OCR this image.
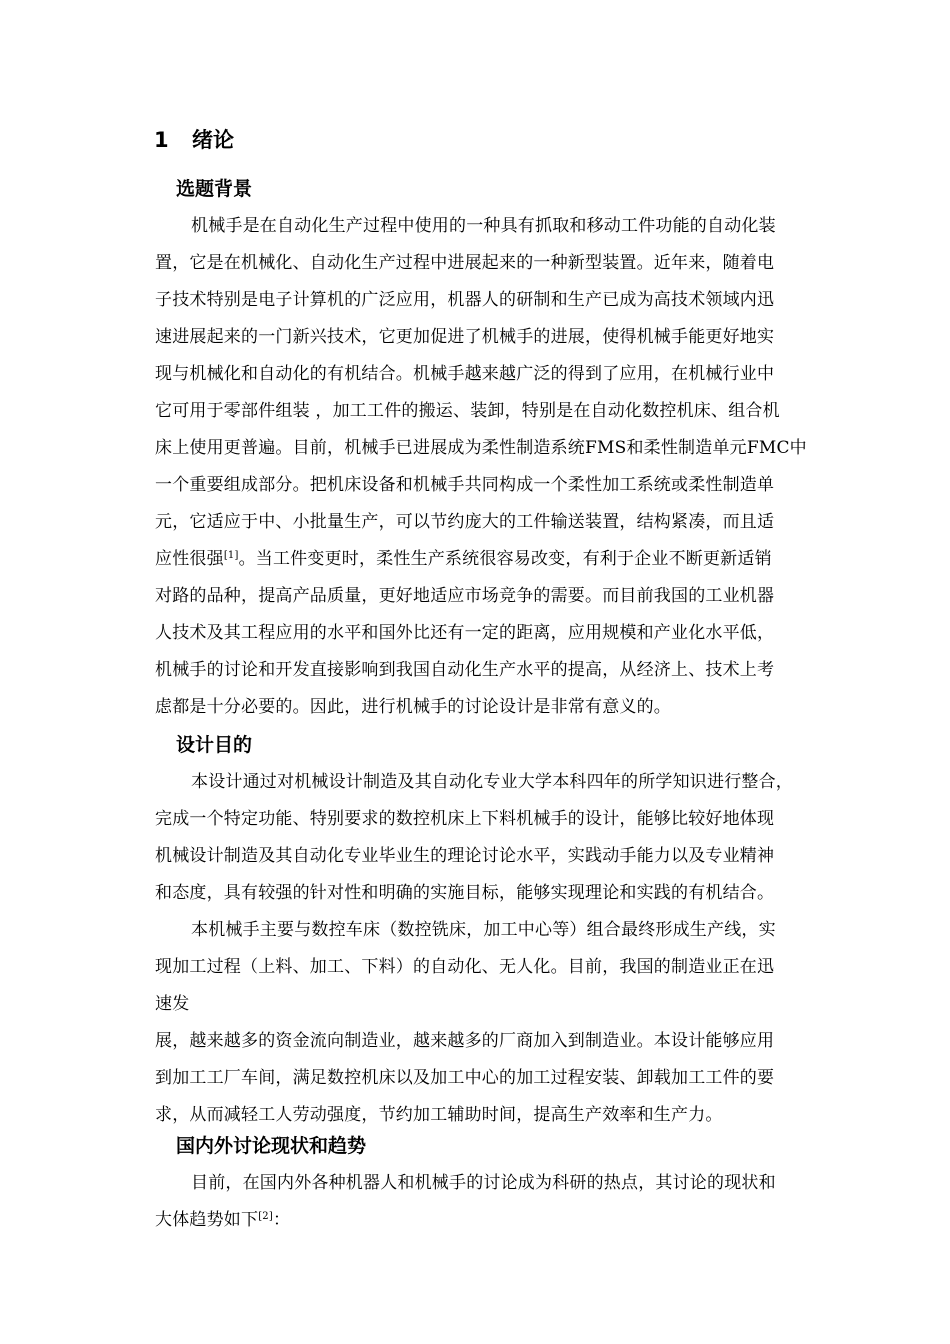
1 绪论
选题背景
机械手是在自动化生产过程中使用的一种具有抓取和移动工件功能的自动化装
置，它是在机械化、自动化生产过程中进展起来的一种新型装置。近年来，随着电
子技术特别是电子计算机的广泛应用，机器人的研制和生产已成为高技术领域内迅
速进展起来的一门新兴技术，它更加促进了机械手的进展，使得机械手能更好地实
现与机械化和自动化的有机结合。机械手越来越广泛的得到了应用，在机械行业中
它可用于零部件组装 ，加工工件的搬运、装卸，特别是在自动化数控机床、组合机
床上使用更普遍。目前，机械手已进展成为柔性制造系统FMS和柔性制造单元FMC中
一个重要组成部分。把机床设备和机械手共同构成一个柔性加工系统或柔性制造单
元，它适应于中、小批量生产，可以节约庞大的工件输送装置，结构紧凑，而且适
应性很强[1]。当工件变更时，柔性生产系统很容易改变，有利于企业不断更新适销
对路的品种，提高产品质量，更好地适应市场竞争的需要。而目前我国的工业机器
人技术及其工程应用的水平和国外比还有一定的距离，应用规模和产业化水平低，
机械手的讨论和开发直接影响到我国自动化生产水平的提高，从经济上、技术上考
虑都是十分必要的。因此，进行机械手的讨论设计是非常有意义的。
设计目的
本设计通过对机械设计制造及其自动化专业大学本科四年的所学知识进行整合，
完成一个特定功能、特别要求的数控机床上下料机械手的设计，能够比较好地体现
机械设计制造及其自动化专业毕业生的理论讨论水平，实践动手能力以及专业精神
和态度，具有较强的针对性和明确的实施目标，能够实现理论和实践的有机结合。
本机械手主要与数控车床（数控铣床，加工中心等）组合最终形成生产线，实
现加工过程（上料、加工、下料）的自动化、无人化。目前，我国的制造业正在迅
速发
展，越来越多的资金流向制造业，越来越多的厂商加入到制造业。本设计能够应用
到加工工厂车间，满足数控机床以及加工中心的加工过程安装、卸载加工工件的要
求，从而减轻工人劳动强度，节约加工辅助时间，提高生产效率和生产力。
国内外讨论现状和趋势
目前，在国内外各种机器人和机械手的讨论成为科研的热点，其讨论的现状和
大体趋势如下[2]：
